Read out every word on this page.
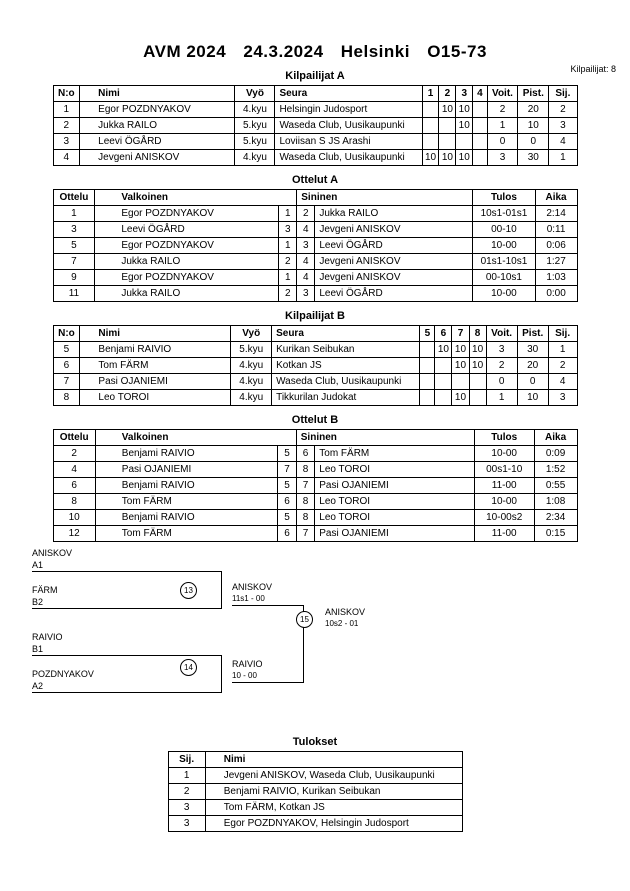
AVM 2024 24.3.2024 Helsinki O15-73
Kilpailijat: 8
Kilpailijat A
N:o	Nimi	Vyö	Seura	1	2	3	4	Voit.	Pist.	Sij.
1	Egor POZDNYAKOV	4.kyu	Helsingin Judosport		10	10		2	20	2
2	Jukka RAILO	5.kyu	Waseda Club, Uusikaupunki			10		1	10	3
3	Leevi ÖGÅRD	5.kyu	Loviisan S JS Arashi					0	0	4
4	Jevgeni ANISKOV	4.kyu	Waseda Club, Uusikaupunki	10	10	10		3	30	1
Ottelut A
Ottelu	Valkoinen		Sininen		Tulos	Aika
1	Egor POZDNYAKOV	1	2	Jukka RAILO	10s1-01s1	2:14
3	Leevi ÖGÅRD	3	4	Jevgeni ANISKOV	00-10	0:11
5	Egor POZDNYAKOV	1	3	Leevi ÖGÅRD	10-00	0:06
7	Jukka RAILO	2	4	Jevgeni ANISKOV	01s1-10s1	1:27
9	Egor POZDNYAKOV	1	4	Jevgeni ANISKOV	00-10s1	1:03
11	Jukka RAILO	2	3	Leevi ÖGÅRD	10-00	0:00
Kilpailijat B
N:o	Nimi	Vyö	Seura	5	6	7	8	Voit.	Pist.	Sij.
5	Benjami RAIVIO	5.kyu	Kurikan Seibukan		10	10	10	3	30	1
6	Tom FÄRM	4.kyu	Kotkan JS			10	10	2	20	2
7	Pasi OJANIEMI	4.kyu	Waseda Club, Uusikaupunki					0	0	4
8	Leo TOROI	4.kyu	Tikkurilan Judokat			10		1	10	3
Ottelut B
Ottelu	Valkoinen		Sininen		Tulos	Aika
2	Benjami RAIVIO	5	6	Tom FÄRM	10-00	0:09
4	Pasi OJANIEMI	7	8	Leo TOROI	00s1-10	1:52
6	Benjami RAIVIO	5	7	Pasi OJANIEMI	11-00	0:55
8	Tom FÄRM	6	8	Leo TOROI	10-00	1:08
10	Benjami RAIVIO	5	8	Leo TOROI	10-00s2	2:34
12	Tom FÄRM	6	7	Pasi OJANIEMI	11-00	0:15
ANISKOV
A1
FÄRM
B2
13	ANISKOV
11s1 - 00
RAIVIO
B1
POZDNYAKOV
A2
14	RAIVIO
10 - 00
15
ANISKOV
10s2 - 01
Tulokset
Sij.	Nimi
1	Jevgeni ANISKOV, Waseda Club, Uusikaupunki
2	Benjami RAIVIO, Kurikan Seibukan
3	Tom FÄRM, Kotkan JS
3	Egor POZDNYAKOV, Helsingin Judosport
